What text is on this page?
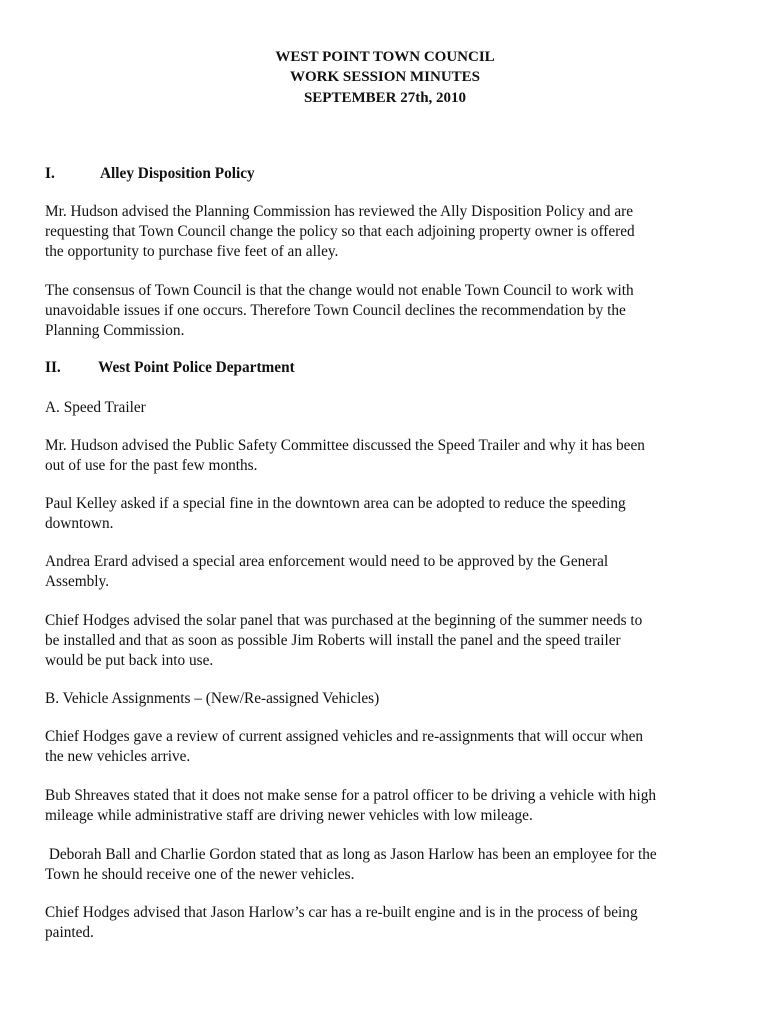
WEST POINT TOWN COUNCIL
WORK SESSION MINUTES
SEPTEMBER 27th, 2010
I.	Alley Disposition Policy
Mr. Hudson advised the Planning Commission has reviewed the Ally Disposition Policy and are
requesting that Town Council change the policy so that each adjoining property owner is offered
the opportunity to purchase five feet of an alley.
The consensus of Town Council is that the change would not enable Town Council to work with
unavoidable issues if one occurs. Therefore Town Council declines the recommendation by the
Planning Commission.
II. West Point Police Department
A. Speed Trailer
Mr. Hudson advised the Public Safety Committee discussed the Speed Trailer and why it has been
out of use for the past few months.
Paul Kelley asked if a special fine in the downtown area can be adopted to reduce the speeding
downtown.
Andrea Erard advised a special area enforcement would need to be approved by the General
Assembly.
Chief Hodges advised the solar panel that was purchased at the beginning of the summer needs to
be installed and that as soon as possible Jim Roberts will install the panel and the speed trailer
would be put back into use.
B. Vehicle Assignments – (New/Re-assigned Vehicles)
Chief Hodges gave a review of current assigned vehicles and re-assignments that will occur when
the new vehicles arrive.
Bub Shreaves stated that it does not make sense for a patrol officer to be driving a vehicle with high
mileage while administrative staff are driving newer vehicles with low mileage.
Deborah Ball and Charlie Gordon stated that as long as Jason Harlow has been an employee for the
Town he should receive one of the newer vehicles.
Chief Hodges advised that Jason Harlow’s car has a re-built engine and is in the process of being
painted.
